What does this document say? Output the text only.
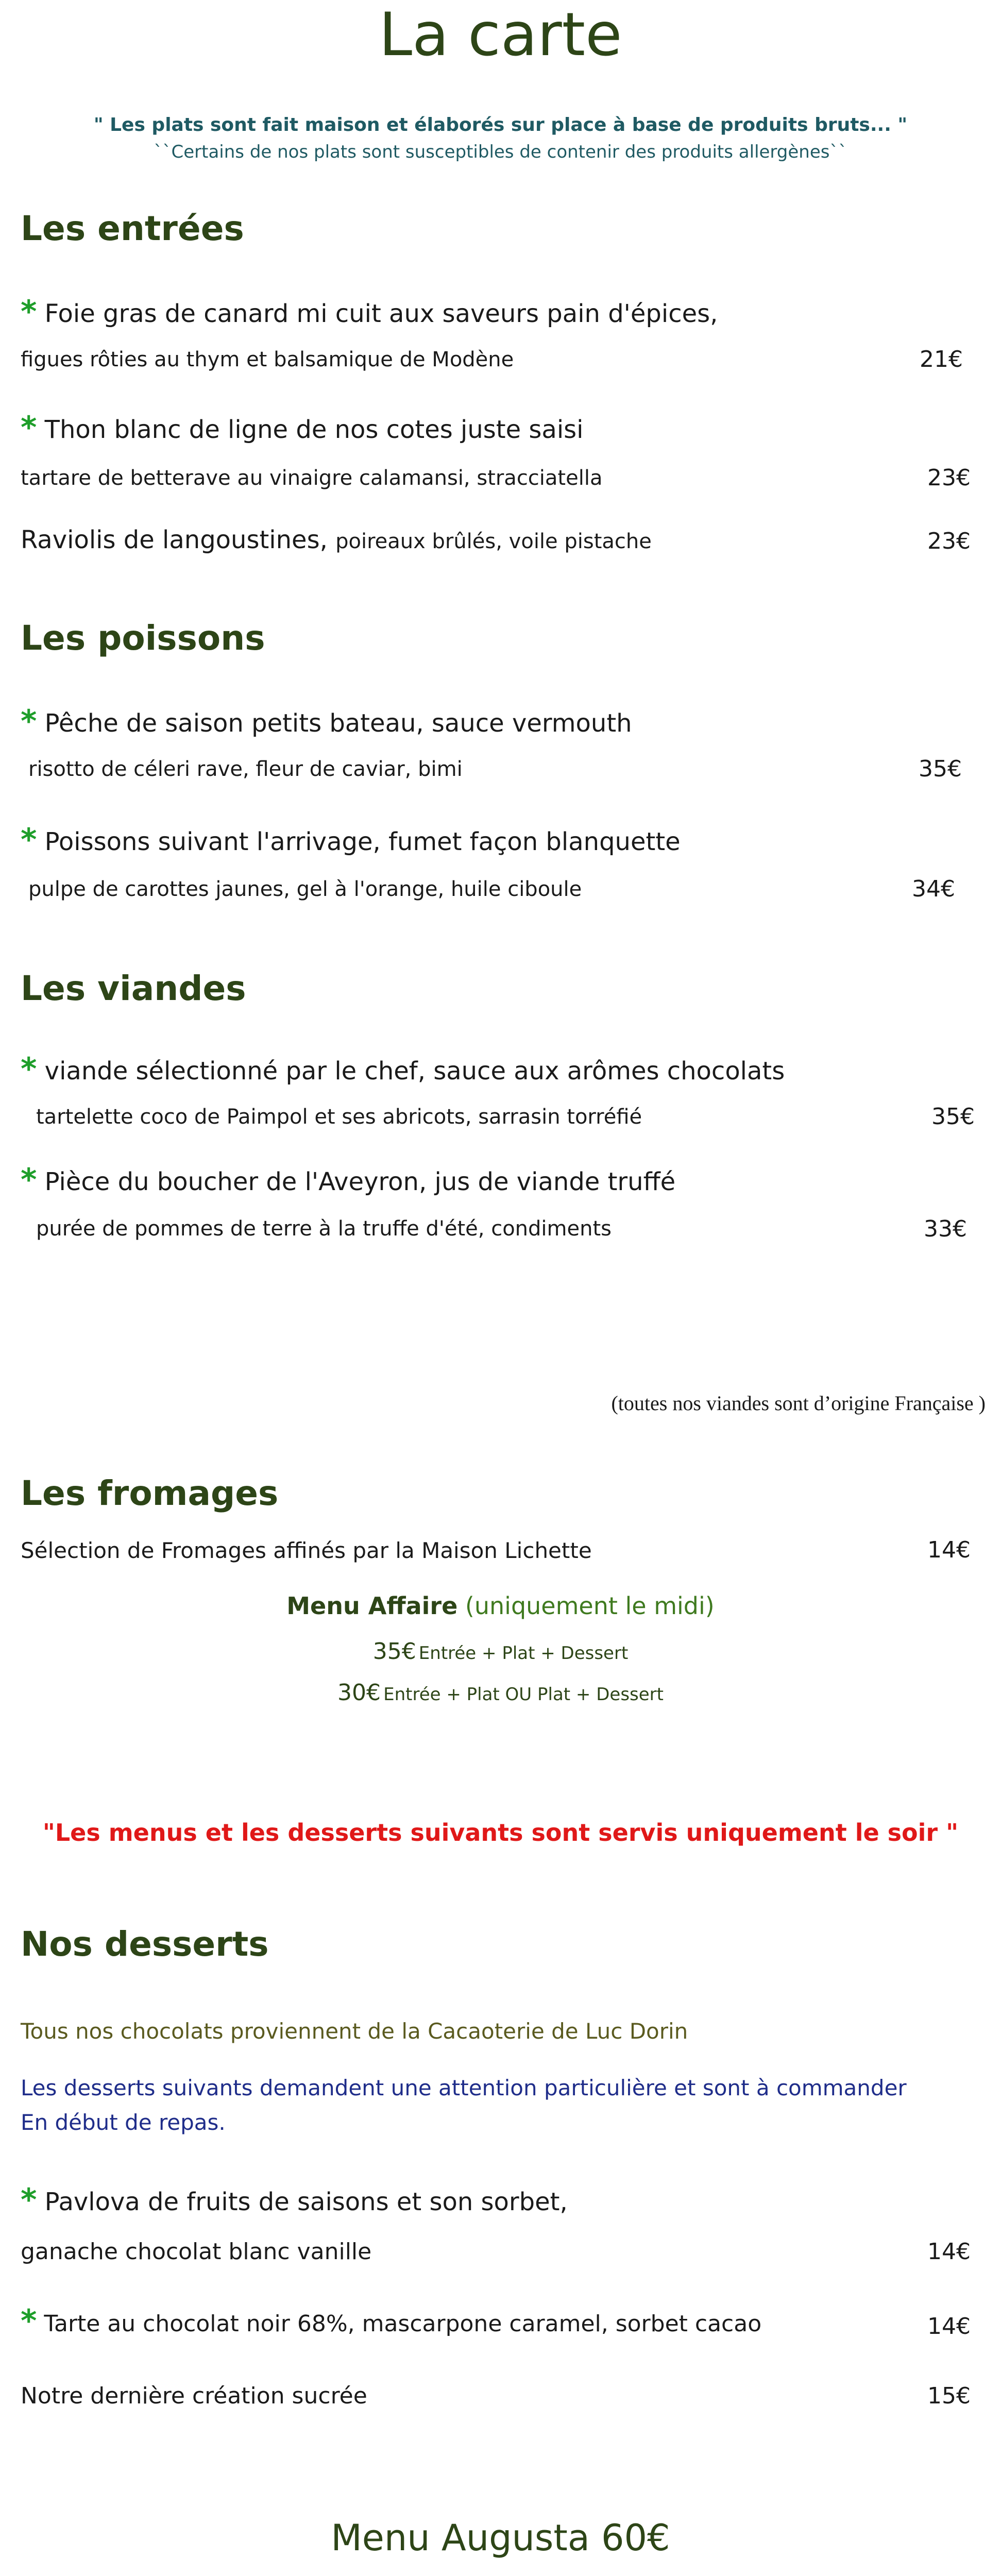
La carte
" Les plats sont fait maison et élaborés sur place à base de produits bruts... "
``Certains de nos plats sont susceptibles de contenir des produits allergènes``
Les entrées
* Foie gras de canard mi cuit aux saveurs pain d'épices,
figues rôties au thym et balsamique de Modène	21€
* Thon blanc de ligne de nos cotes juste saisi
tartare de betterave au vinaigre calamansi, stracciatella	23€
Raviolis de langoustines, poireaux brûlés, voile pistache	23€
Les poissons
* Pêche de saison petits bateau, sauce vermouth
risotto de céleri rave, fleur de caviar, bimi	35€
* Poissons suivant l'arrivage, fumet façon blanquette
pulpe de carottes jaunes, gel à l'orange, huile ciboule	34€
Les viandes
* viande sélectionné par le chef, sauce aux arômes chocolats
tartelette coco de Paimpol et ses abricots, sarrasin torréfié	35€
* Pièce du boucher de l'Aveyron, jus de viande truffé
purée de pommes de terre à la truffe d'été, condiments	33€
(toutes nos viandes sont d’origine Française )
Les fromages
Sélection de Fromages affinés par la Maison Lichette	14€
Menu Affaire (uniquement le midi)
35€ Entrée + Plat + Dessert
30€ Entrée + Plat OU Plat + Dessert
"Les menus et les desserts suivants sont servis uniquement le soir "
Nos desserts
Tous nos chocolats proviennent de la Cacaoterie de Luc Dorin
Les desserts suivants demandent une attention particulière et sont à commander
En début de repas.
* Pavlova de fruits de saisons et son sorbet,
ganache chocolat blanc vanille	14€
* Tarte au chocolat noir 68%, mascarpone caramel, sorbet cacao	14€
Notre dernière création sucrée	15€
Menu Augusta 60€
